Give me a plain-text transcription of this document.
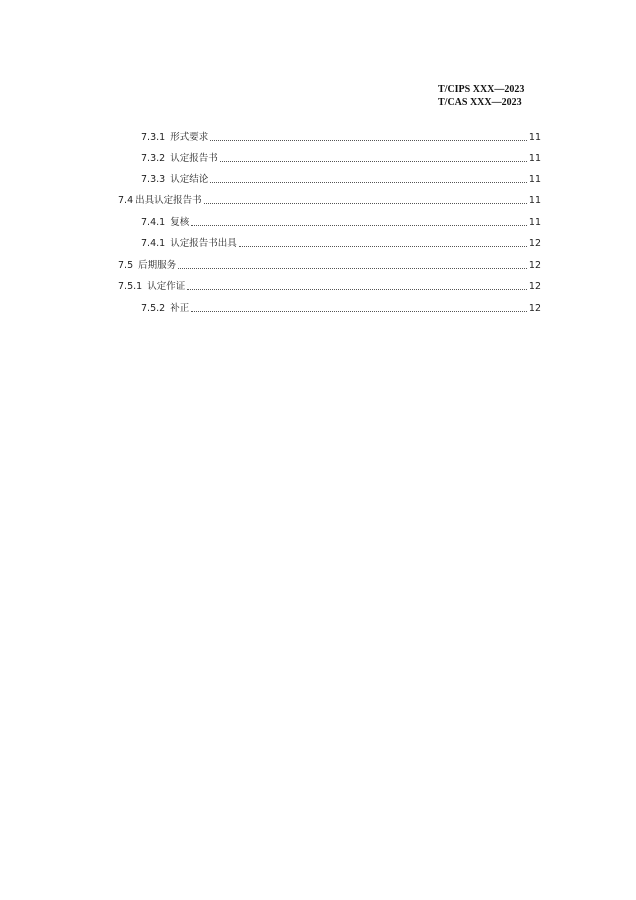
T/CIPS XXX—2023
T/CAS XXX—2023
7.3.1 形式要求	11
7.3.2 认定报告书	11
7.3.3 认定结论	11
7.4 出具认定报告书	11
7.4.1 复核	11
7.4.1 认定报告书出具	12
7.5 后期服务	12
7.5.1 认定作证	12
7.5.2 补正	12
